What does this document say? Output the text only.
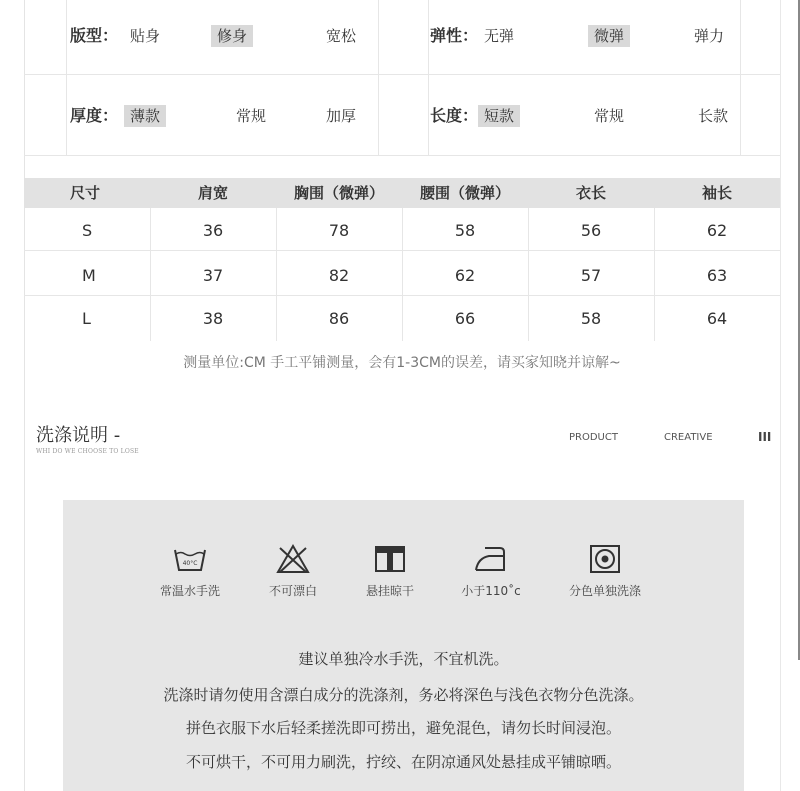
版型： 贴身	修身	宽松	弹性： 无弹	微弹	弹力
厚度： 薄款	常规	加厚	长度： 短款	常规	长款
尺寸	肩宽	胸围（微弹）	腰围（微弹）	衣长	袖长
S	36	78	58	56	62
M	37	82	62	57	63
L	38	86	66	58	64
测量单位:CM 手工平铺测量，会有1-3CM的误差，请买家知晓并谅解~
洗涤说明 -
WHI DO WE CHOOSE TO LOSE
PRODUCT	CREATIVE	III
40°C
常温水手洗	不可漂白	悬挂晾干	小于110˚c	分色单独洗涤
建议单独冷水手洗，不宜机洗。
洗涤时请勿使用含漂白成分的洗涤剂，务必将深色与浅色衣物分色洗涤。
拼色衣服下水后轻柔搓洗即可捞出，避免混色，请勿长时间浸泡。
不可烘干，不可用力刷洗，拧绞、在阴凉通风处悬挂成平铺晾晒。
